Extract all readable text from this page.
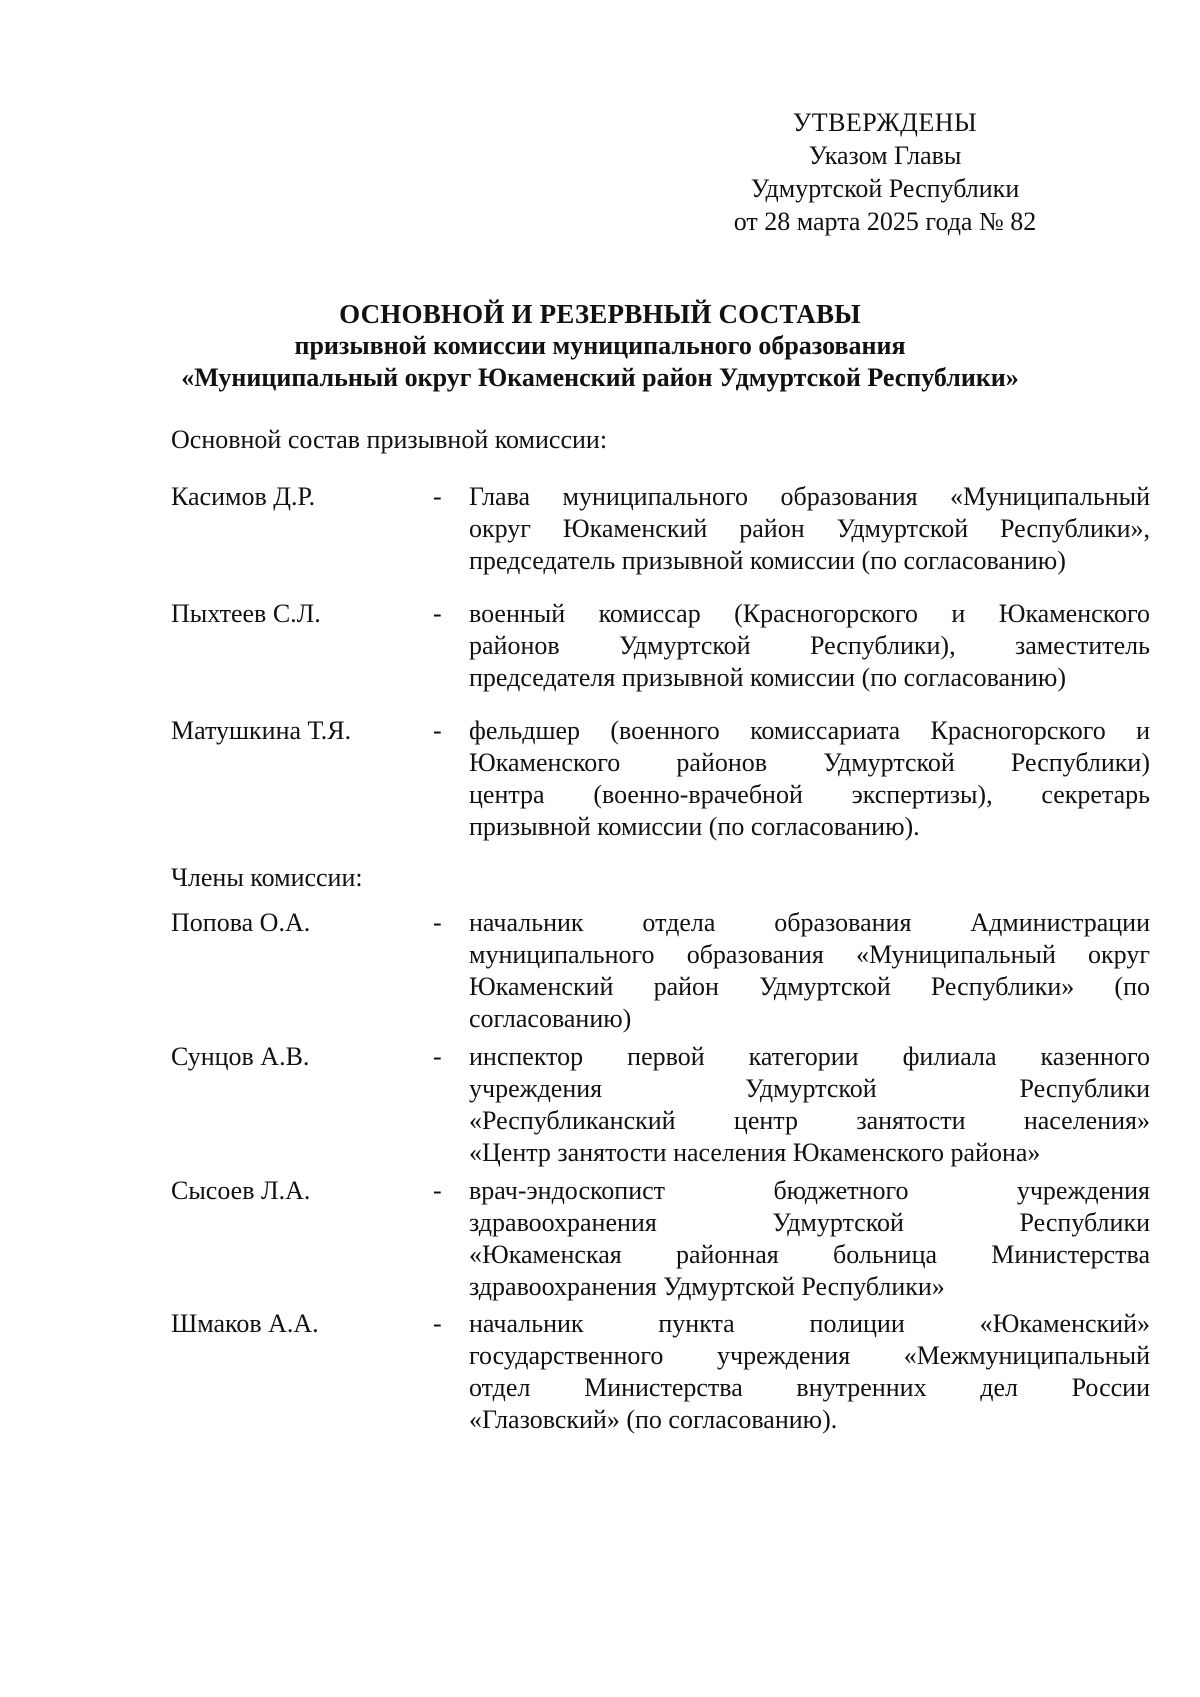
УТВЕРЖДЕНЫ
Указом Главы
Удмуртской Республики
от 28 марта 2025 года № 82
ОСНОВНОЙ И РЕЗЕРВНЫЙ СОСТАВЫ
призывной комиссии муниципального образования
«Муниципальный округ Юкаменский район Удмуртской Республики»
Основной состав призывной комиссии:
Касимов Д.Р.	- Глава муниципального образования «Муниципальный
округ Юкаменский район Удмуртской Республики»,
председатель призывной комиссии (по согласованию)
Пыхтеев С.Л.	- военный комиссар (Красногорского и Юкаменского
районов Удмуртской Республики), заместитель
председателя призывной комиссии (по согласованию)
Матушкина Т.Я.	- фельдшер (военного комиссариата Красногорского и
Юкаменского районов Удмуртской Республики)
центра (военно-врачебной экспертизы), секретарь
призывной комиссии (по согласованию).
Члены комиссии:
Попова О.А.	- начальник отдела образования Администрации
муниципального образования «Муниципальный округ
Юкаменский район Удмуртской Республики» (по
согласованию)
Сунцов А.В.	- инспектор первой категории филиала казенного
учреждения Удмуртской Республики
«Республиканский центр занятости населения»
«Центр занятости населения Юкаменского района»
Сысоев Л.А.	- врач-эндоскопист бюджетного учреждения
здравоохранения Удмуртской Республики
«Юкаменская районная больница Министерства
здравоохранения Удмуртской Республики»
Шмаков А.А.	- начальник пункта полиции «Юкаменский»
государственного учреждения «Межмуниципальный
отдел Министерства внутренних дел России
«Глазовский» (по согласованию).
